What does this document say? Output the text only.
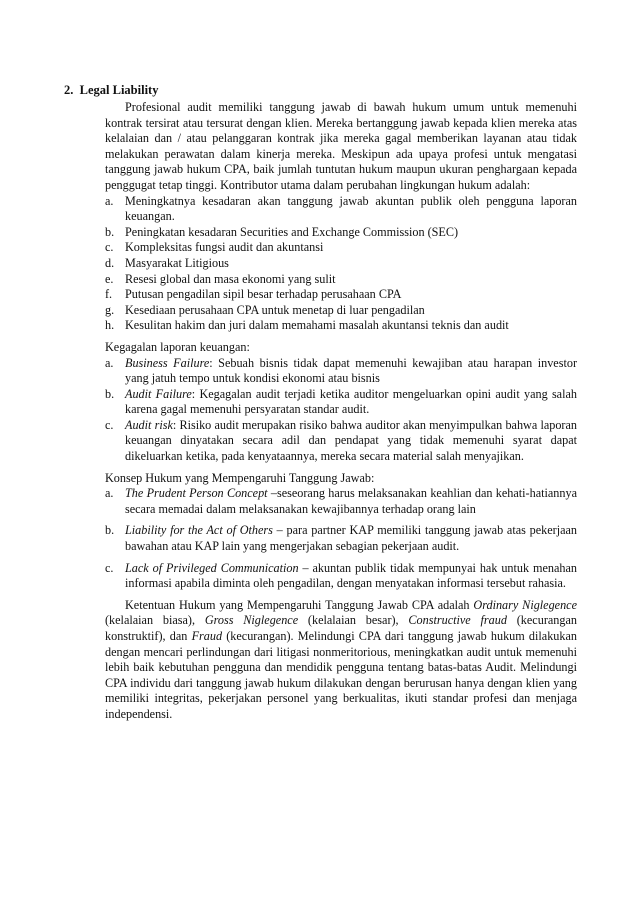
2. Legal Liability

Profesional audit memiliki tanggung jawab di bawah hukum umum untuk memenuhi kontrak tersirat atau tersurat dengan klien. Mereka bertanggung jawab kepada klien mereka atas kelalaian dan / atau pelanggaran kontrak jika mereka gagal memberikan layanan atau tidak melakukan perawatan dalam kinerja mereka. Meskipun ada upaya profesi untuk mengatasi tanggung jawab hukum CPA, baik jumlah tuntutan hukum maupun ukuran penghargaan kepada penggugat tetap tinggi. Kontributor utama dalam perubahan lingkungan hukum adalah:

a. Meningkatnya kesadaran akan tanggung jawab akuntan publik oleh pengguna laporan keuangan.
b. Peningkatan kesadaran Securities and Exchange Commission (SEC)
c. Kompleksitas fungsi audit dan akuntansi
d. Masyarakat Litigious
e. Resesi global dan masa ekonomi yang sulit
f. Putusan pengadilan sipil besar terhadap perusahaan CPA
g. Kesediaan perusahaan CPA untuk menetap di luar pengadilan
h. Kesulitan hakim dan juri dalam memahami masalah akuntansi teknis dan audit

Kegagalan laporan keuangan:

a. Business Failure: Sebuah bisnis tidak dapat memenuhi kewajiban atau harapan investor yang jatuh tempo untuk kondisi ekonomi atau bisnis
b. Audit Failure: Kegagalan audit terjadi ketika auditor mengeluarkan opini audit yang salah karena gagal memenuhi persyaratan standar audit.
c. Audit risk: Risiko audit merupakan risiko bahwa auditor akan menyimpulkan bahwa laporan keuangan dinyatakan secara adil dan pendapat yang tidak memenuhi syarat dapat dikeluarkan ketika, pada kenyataannya, mereka secara material salah menyajikan.

Konsep Hukum yang Mempengaruhi Tanggung Jawab:

a. The Prudent Person Concept –seseorang harus melaksanakan keahlian dan kehati-hatiannya secara memadai dalam melaksanakan kewajibannya terhadap orang lain
b. Liability for the Act of Others – para partner KAP memiliki tanggung jawab atas pekerjaan bawahan atau KAP lain yang mengerjakan sebagian pekerjaan audit.
c. Lack of Privileged Communication – akuntan publik tidak mempunyai hak untuk menahan informasi apabila diminta oleh pengadilan, dengan menyatakan informasi tersebut rahasia.

Ketentuan Hukum yang Mempengaruhi Tanggung Jawab CPA adalah Ordinary Niglegence (kelalaian biasa), Gross Niglegence (kelalaian besar), Constructive fraud (kecurangan konstruktif), dan Fraud (kecurangan). Melindungi CPA dari tanggung jawab hukum dilakukan dengan mencari perlindungan dari litigasi nonmeritorious, meningkatkan audit untuk memenuhi lebih baik kebutuhan pengguna dan mendidik pengguna tentang batas-batas Audit. Melindungi CPA individu dari tanggung jawab hukum dilakukan dengan berurusan hanya dengan klien yang memiliki integritas, pekerjakan personel yang berkualitas, ikuti standar profesi dan menjaga independensi.
